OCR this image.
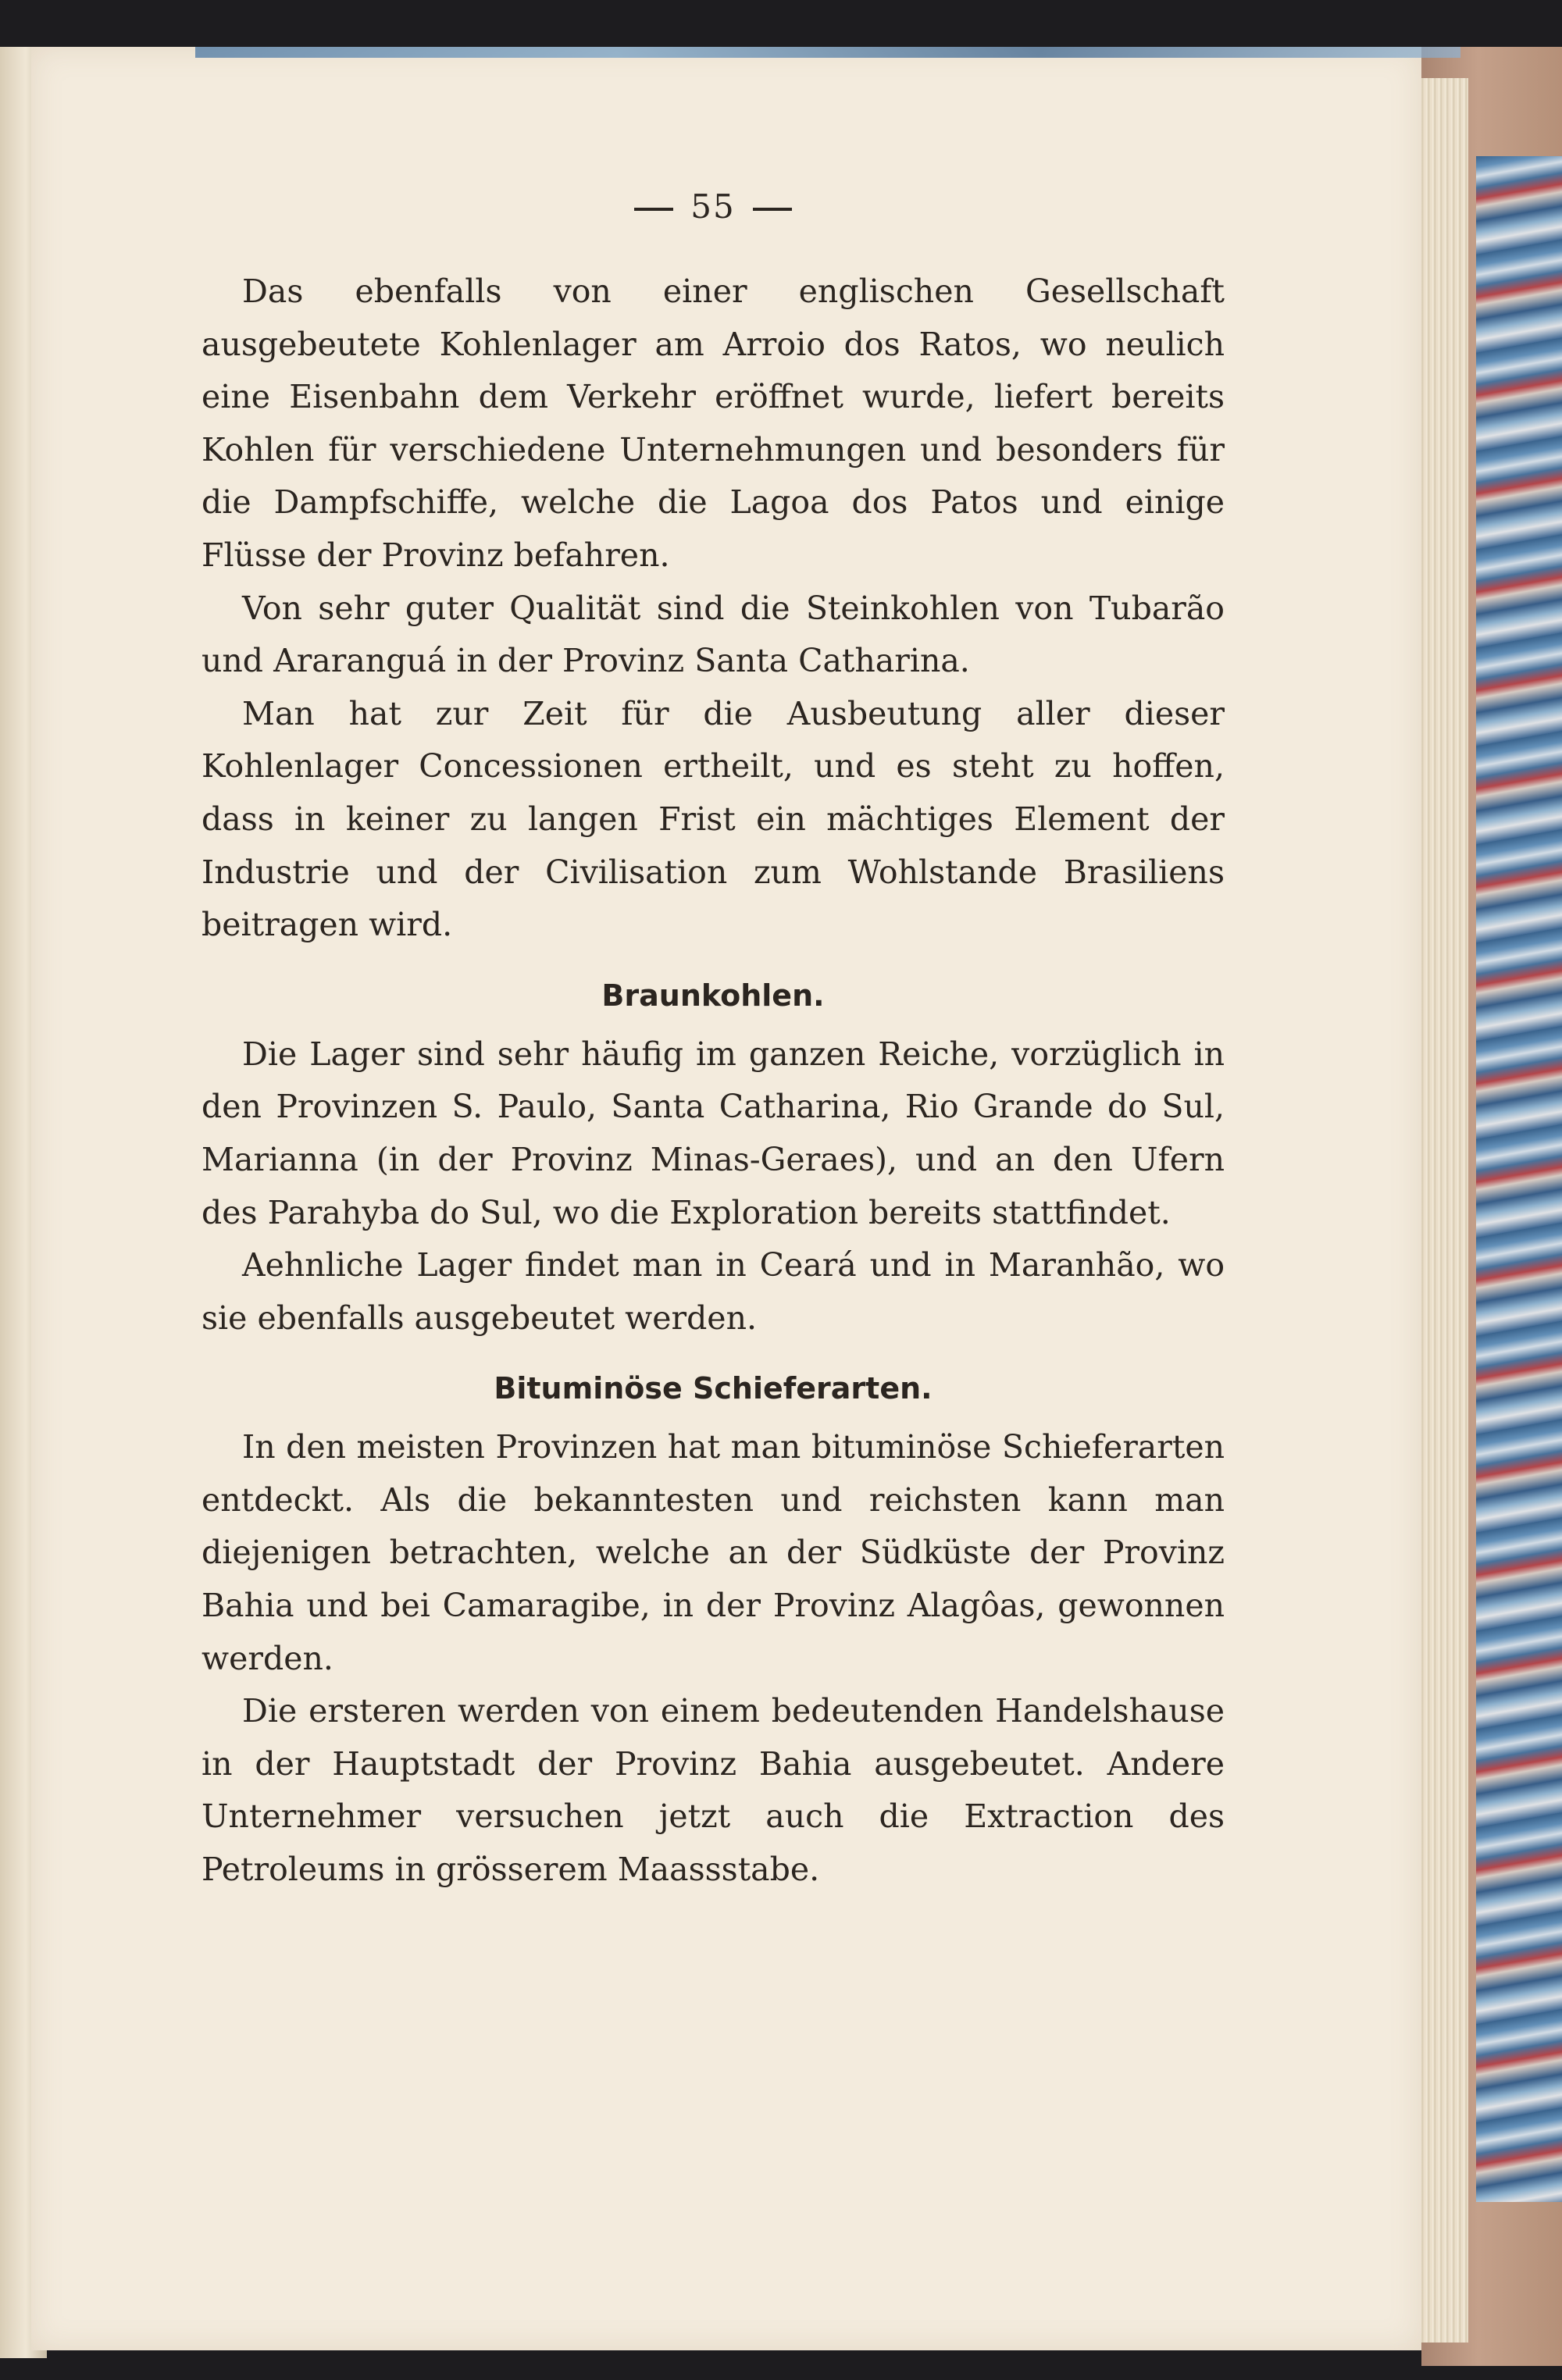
55

Das ebenfalls von einer englischen Gesellschaft ausgebeutete Kohlenlager am Arroio dos Ratos, wo neulich eine Eisenbahn dem Verkehr eröffnet wurde, liefert bereits Kohlen für verschiedene Unternehmungen und besonders für die Dampfschiffe, welche die Lagoa dos Patos und einige Flüsse der Provinz befahren.

Von sehr guter Qualität sind die Steinkohlen von Tubarão und Araranguá in der Provinz Santa Catharina.

Man hat zur Zeit für die Ausbeutung aller dieser Kohlenlager Concessionen ertheilt, und es steht zu hoffen, dass in keiner zu langen Frist ein mächtiges Element der Industrie und der Civilisation zum Wohlstande Brasiliens beitragen wird.

Braunkohlen.

Die Lager sind sehr häufig im ganzen Reiche, vorzüglich in den Provinzen S. Paulo, Santa Catharina, Rio Grande do Sul, Marianna (in der Provinz Minas-Geraes), und an den Ufern des Parahyba do Sul, wo die Exploration bereits stattfindet.

Aehnliche Lager findet man in Ceará und in Maranhão, wo sie ebenfalls ausgebeutet werden.

Bituminöse Schieferarten.

In den meisten Provinzen hat man bituminöse Schieferarten entdeckt. Als die bekanntesten und reichsten kann man diejenigen betrachten, welche an der Südküste der Provinz Bahia und bei Camaragibe, in der Provinz Alagôas, gewonnen werden.

Die ersteren werden von einem bedeutenden Handelshause in der Hauptstadt der Provinz Bahia ausgebeutet. Andere Unternehmer versuchen jetzt auch die Extraction des Petroleums in grösserem Maassstabe.
